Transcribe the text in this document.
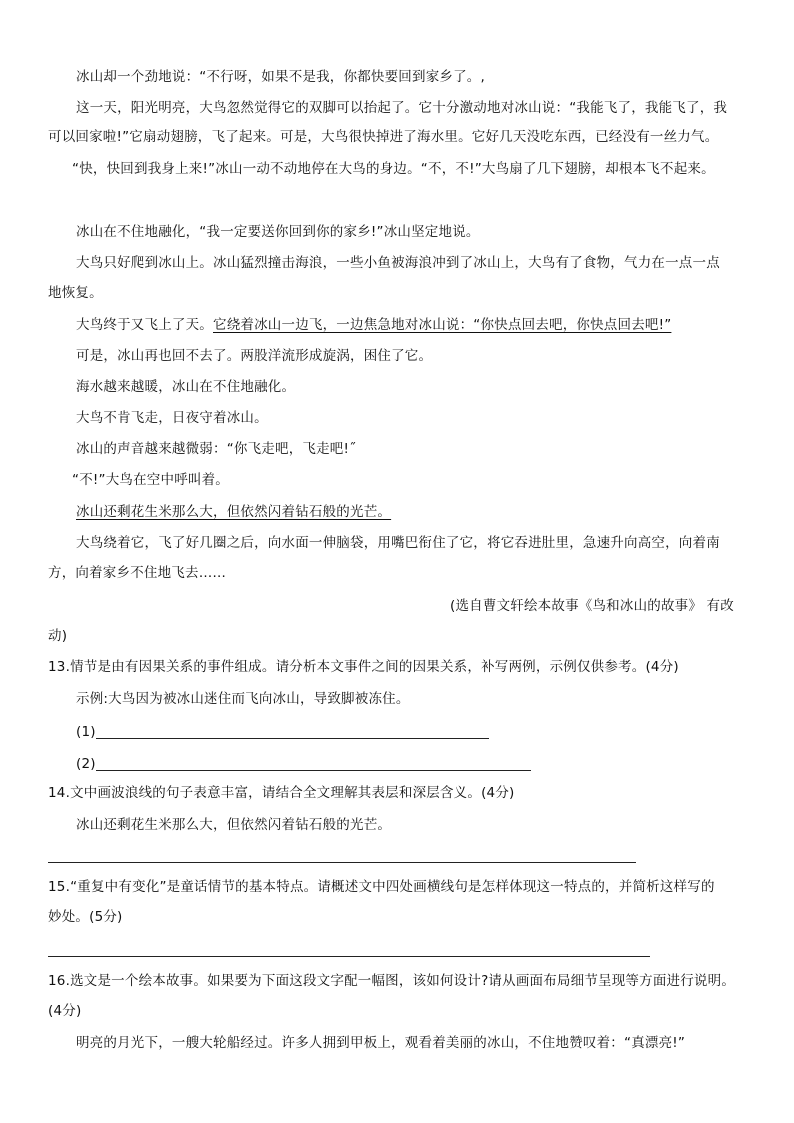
冰山却一个劲地说：“不行呀，如果不是我，你都快要回到家乡了。,
这一天，阳光明亮，大鸟忽然觉得它的双脚可以抬起了。它十分激动地对冰山说：“我能飞了，我能飞了，我
可以回家啦!”它扇动翅膀，飞了起来。可是，大鸟很快掉进了海水里。它好几天没吃东西，已经没有一丝力气。
“快，快回到我身上来!”冰山一动不动地停在大鸟的身边。“不，不!”大鸟扇了几下翅膀，却根本飞不起来。
冰山在不住地融化，“我一定要送你回到你的家乡!”冰山坚定地说。
大鸟只好爬到冰山上。冰山猛烈撞击海浪，一些小鱼被海浪冲到了冰山上，大鸟有了食物，气力在一点一点
地恢复。
大鸟终于又飞上了天。它绕着冰山一边飞，一边焦急地对冰山说：“你快点回去吧，你快点回去吧!”
可是，冰山再也回不去了。两股洋流形成旋涡，困住了它。
海水越来越暖，冰山在不住地融化。
大鸟不肯飞走，日夜守着冰山。
冰山的声音越来越微弱：“你飞走吧，飞走吧!˝
“不!”大鸟在空中呼叫着。
冰山还剩花生米那么大，但依然闪着钻石般的光芒。
大鸟绕着它，飞了好几圈之后，向水面一伸脑袋，用嘴巴衔住了它，将它吞进肚里，急速升向高空，向着南
方，向着家乡不住地飞去……
(选自曹文轩绘本故事《鸟和冰山的故事》 有改
动)
13.情节是由有因果关系的事件组成。请分析本文事件之间的因果关系，补写两例，示例仅供参考。(4分)
示例:大鸟因为被冰山迷住而飞向冰山，导致脚被冻住。
(1)
(2)
14.文中画波浪线的句子表意丰富，请结合全文理解其表层和深层含义。(4分)
冰山还剩花生米那么大，但依然闪着钻石般的光芒。
15.“重复中有变化”是童话情节的基本特点。请概述文中四处画横线句是怎样体现这一特点的，并简析这样写的
妙处。(5分)
16.选文是一个绘本故事。如果要为下面这段文字配一幅图，该如何设计?请从画面布局细节呈现等方面进行说明。
(4分)
明亮的月光下，一艘大轮船经过。许多人拥到甲板上，观看着美丽的冰山，不住地赞叹着：“真漂亮!”
